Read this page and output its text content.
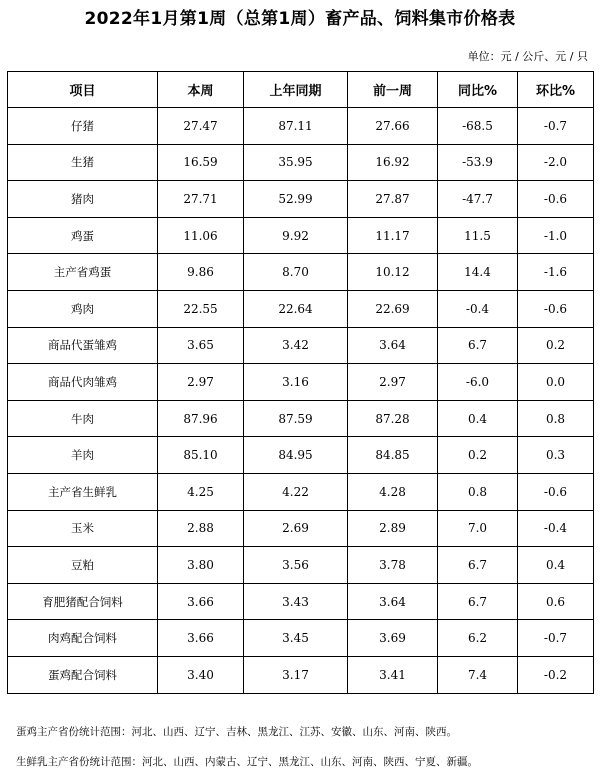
2022年1月第1周（总第1周）畜产品、饲料集市价格表
单位：元 / 公斤、元 / 只
项目	本周	上年同期	前一周	同比%	环比%
仔猪	27.47	87.11	27.66	-68.5	-0.7
生猪	16.59	35.95	16.92	-53.9	-2.0
猪肉	27.71	52.99	27.87	-47.7	-0.6
鸡蛋	11.06	9.92	11.17	11.5	-1.0
主产省鸡蛋	9.86	8.70	10.12	14.4	-1.6
鸡肉	22.55	22.64	22.69	-0.4	-0.6
商品代蛋雏鸡	3.65	3.42	3.64	6.7	0.2
商品代肉雏鸡	2.97	3.16	2.97	-6.0	0.0
牛肉	87.96	87.59	87.28	0.4	0.8
羊肉	85.10	84.95	84.85	0.2	0.3
主产省生鲜乳	4.25	4.22	4.28	0.8	-0.6
玉米	2.88	2.69	2.89	7.0	-0.4
豆粕	3.80	3.56	3.78	6.7	0.4
育肥猪配合饲料	3.66	3.43	3.64	6.7	0.6
肉鸡配合饲料	3.66	3.45	3.69	6.2	-0.7
蛋鸡配合饲料	3.40	3.17	3.41	7.4	-0.2
蛋鸡主产省份统计范围：河北、山西、辽宁、吉林、黑龙江、江苏、安徽、山东、河南、陕西。
生鲜乳主产省份统计范围：河北、山西、内蒙古、辽宁、黑龙江、山东、河南、陕西、宁夏、新疆。
